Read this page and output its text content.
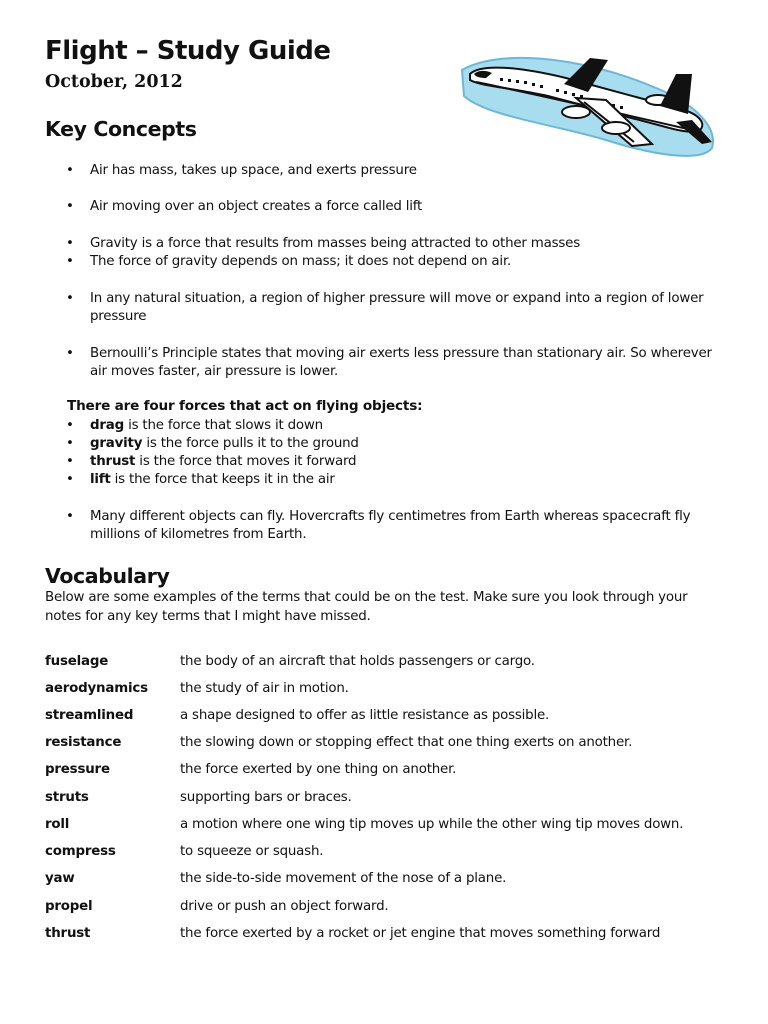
Flight – Study Guide
October, 2012
Key Concepts
• Air has mass, takes up space, and exerts pressure
• Air moving over an object creates a force called lift
• Gravity is a force that results from masses being attracted to other masses
• The force of gravity depends on mass; it does not depend on air.
• In any natural situation, a region of higher pressure will move or expand into a region of lower pressure
• Bernoulli’s Principle states that moving air exerts less pressure than stationary air. So wherever air moves faster, air pressure is lower.
There are four forces that act on flying objects:
• drag is the force that slows it down
• gravity is the force pulls it to the ground
• thrust is the force that moves it forward
• lift is the force that keeps it in the air
• Many different objects can fly. Hovercrafts fly centimetres from Earth whereas spacecraft fly millions of kilometres from Earth.
Vocabulary
Below are some examples of the terms that could be on the test. Make sure you look through your notes for any key terms that I might have missed.
fuselage	the body of an aircraft that holds passengers or cargo.
aerodynamics the study of air in motion.
streamlined	a shape designed to offer as little resistance as possible.
resistance	the slowing down or stopping effect that one thing exerts on another.
pressure	the force exerted by one thing on another.
struts	supporting bars or braces.
roll	a motion where one wing tip moves up while the other wing tip moves down.
compress	to squeeze or squash.
yaw	the side-to-side movement of the nose of a plane.
propel	drive or push an object forward.
thrust	the force exerted by a rocket or jet engine that moves something forward
